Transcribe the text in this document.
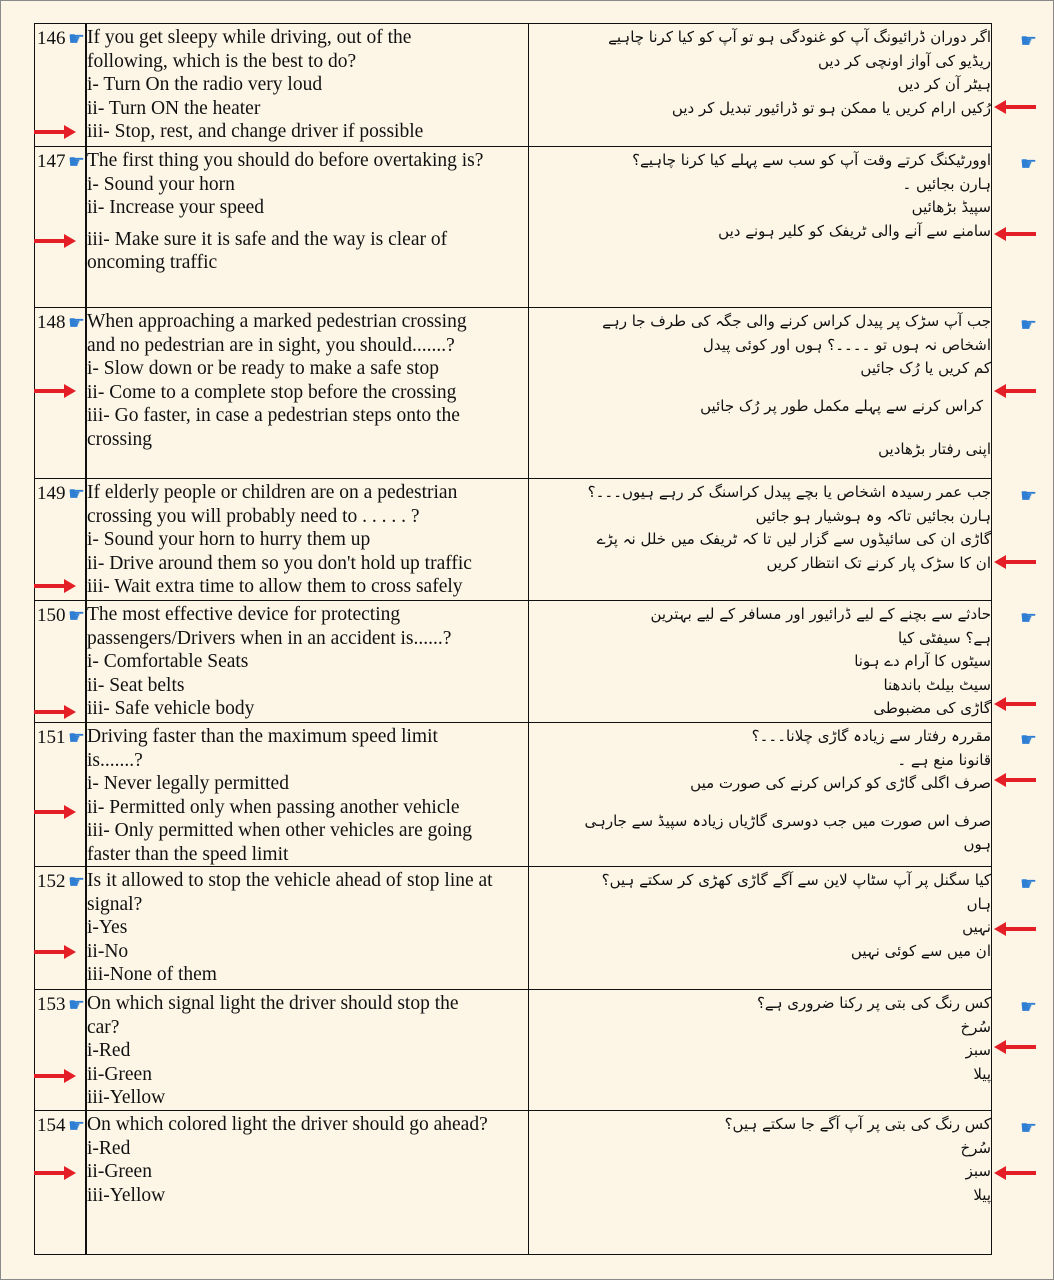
146 ☛ If you get sleepy while driving, out of the
following, which is the best to do?
i- Turn On the radio very loud
ii- Turn ON the heater
iii- Stop, rest, and change driver if possible
اگر دوران ڈرائیونگ آپ کو غنودگی ہو تو آپ کو کیا کرنا چاہیے
ریڈیو کی آواز اونچی کر دیں
ہیٹر آن کر دیں
رُکیں ارام کریں یا ممکن ہو تو ڈرائیور تبدیل کر دیں
☛
147 ☛ The first thing you should do before overtaking is?
i- Sound your horn
ii- Increase your speed
iii- Make sure it is safe and the way is clear of
oncoming traffic
اوورٹیکنگ کرتے وقت آپ کو سب سے پہلے کیا کرنا چاہیے؟
ہارن بجائیں ۔
سپیڈ بڑھائیں
سامنے سے آنے والی ٹریفک کو کلیر ہونے دیں
☛
148 ☛ When approaching a marked pedestrian crossing
and no pedestrian are in sight, you should.......?
i- Slow down or be ready to make a safe stop
ii- Come to a complete stop before the crossing
iii- Go faster, in case a pedestrian steps onto the
crossing
جب آپ سڑک پر پیدل کراس کرنے والی جگہ کی طرف جا رہے
اشخاص نہ ہوں تو ۔۔۔۔؟ ہوں اور کوئی پیدل
کم کریں یا رُک جائیں
کراس کرنے سے پہلے مکمل طور پر رُک جائیں
اپنی رفتار بڑھادیں
☛
149 ☛ If elderly people or children are on a pedestrian
crossing you will probably need to . . . . . ?
i- Sound your horn to hurry them up
ii- Drive around them so you don't hold up traffic
iii- Wait extra time to allow them to cross safely
جب عمر رسیدہ اشخاص یا بچے پیدل کراسنگ کر رہے ہیوں۔۔۔؟
ہارن بجائیں تاکہ وہ ہوشیار ہو جائیں
گاڑی ان کی سائیڈوں سے گزار لیں تا کہ ٹریفک میں خلل نہ پڑے
ان کا سڑک پار کرنے تک انتظار کریں
☛
150 ☛ The most effective device for protecting
passengers/Drivers when in an accident is......?
i- Comfortable Seats
ii- Seat belts
iii- Safe vehicle body
حادثے سے بچنے کے لیے ڈرائیور اور مسافر کے لیے بہترین
ہے؟ سیفٹی کیا
سیٹوں کا آرام دے ہونا
سیٹ بیلٹ باندھنا
گاڑی کی مضبوطی
☛
151 ☛ Driving faster than the maximum speed limit
is.......?
i- Never legally permitted
ii- Permitted only when passing another vehicle
iii- Only permitted when other vehicles are going
faster than the speed limit
مقررہ رفتار سے زیادہ گاڑی چلانا۔۔۔؟
قانونا منع ہے ۔
صرف اگلی گاڑی کو کراس کرنے کی صورت میں
صرف اس صورت میں جب دوسری گاڑیاں زیادہ سپیڈ سے جارہی
ہوں
☛
152 ☛ Is it allowed to stop the vehicle ahead of stop line at
signal?
i-Yes
ii-No
iii-None of them
کیا سگنل پر آپ سٹاپ لاین سے آگے گاڑی کھڑی کر سکتے ہیں؟
ہاں
نہیں
ان میں سے کوئی نہیں
☛
153 ☛ On which signal light the driver should stop the
car?
i-Red
ii-Green
iii-Yellow
کس رنگ کی بتی پر رکنا ضروری ہے؟
سُرخ
سبز
پیلا
☛
154 ☛ On which colored light the driver should go ahead?
i-Red
ii-Green
iii-Yellow
کس رنگ کی بتی پر آپ آگے جا سکتے ہیں؟
سُرخ
سبز
پیلا
☛
